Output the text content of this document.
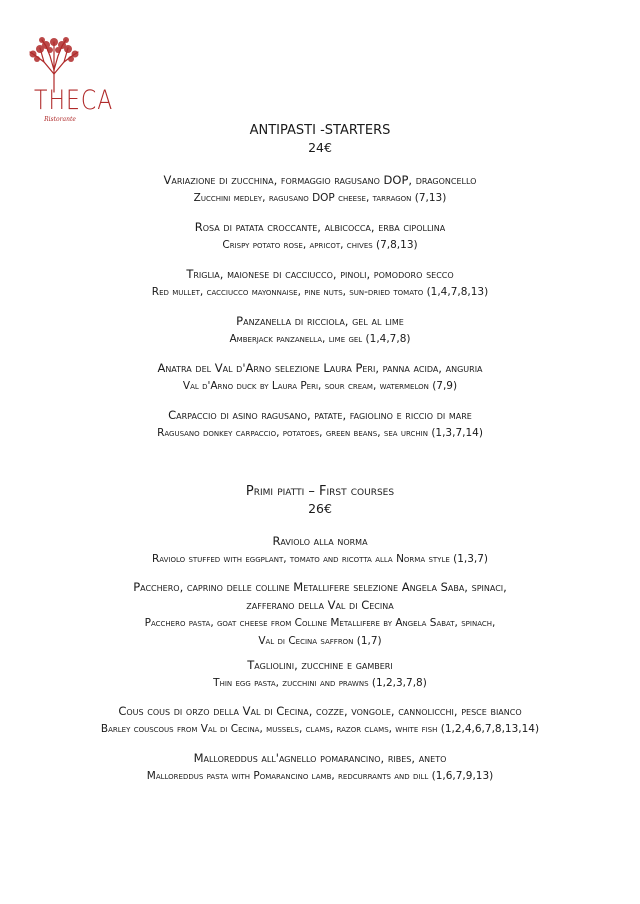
THECA
Ristorante
ANTIPASTI -STARTERS
24€
Variazione di zucchina, formaggio ragusano DOP, dragoncello
Zucchini medley, ragusano DOP cheese, tarragon (7,13)
Rosa di patata croccante, albicocca, erba cipollina
Crispy potato rose, apricot, chives (7,8,13)
Triglia, maionese di cacciucco, pinoli, pomodoro secco
Red mullet, cacciucco mayonnaise, pine nuts, sun-dried tomato (1,4,7,8,13)
Panzanella di ricciola, gel al lime
Amberjack panzanella, lime gel (1,4,7,8)
Anatra del Val d'Arno selezione Laura Peri, panna acida, anguria
Val d'Arno duck by Laura Peri, sour cream, watermelon (7,9)
Carpaccio di asino ragusano, patate, fagiolino e riccio di mare
Ragusano donkey carpaccio, potatoes, green beans, sea urchin (1,3,7,14)
Primi piatti – First courses
26€
Raviolo alla norma
Raviolo stuffed with eggplant, tomato and ricotta alla Norma style (1,3,7)
Pacchero, caprino delle colline Metallifere selezione Angela Saba, spinaci,
zafferano della Val di Cecina
Pacchero pasta, goat cheese from Colline Metallifere by Angela Sabat, spinach,
Val di Cecina saffron (1,7)
Tagliolini, zucchine e gamberi
Thin egg pasta, zucchini and prawns (1,2,3,7,8)
Cous cous di orzo della Val di Cecina, cozze, vongole, cannolicchi, pesce bianco
Barley couscous from Val di Cecina, mussels, clams, razor clams, white fish (1,2,4,6,7,8,13,14)
Malloreddus all'agnello pomarancino, ribes, aneto
Malloreddus pasta with Pomarancino lamb, redcurrants and dill (1,6,7,9,13)
